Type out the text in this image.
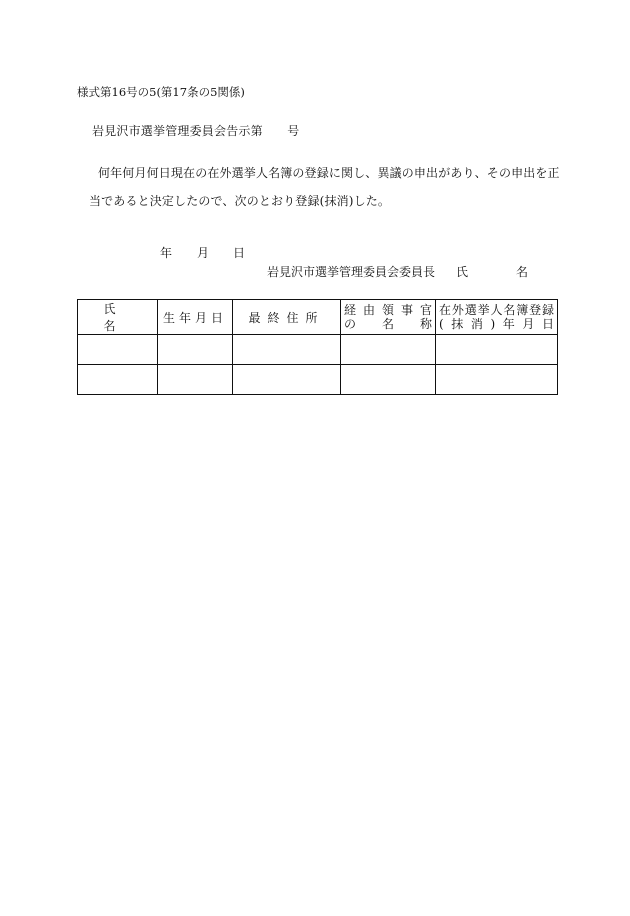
様式第16号の5(第17条の5関係)
岩見沢市選挙管理委員会告示第　　号
何年何月何日現在の在外選挙人名簿の登録に関し、異議の申出があり、その申出を正
当であると決定したので、次のとおり登録(抹消)した。
年 月 日
岩見沢市選挙管理委員会委員長 氏	名
氏　名	生年月日	最終住所	経由領事官
の 名 称	在外選挙人名簿登録
(抹消)年月日
